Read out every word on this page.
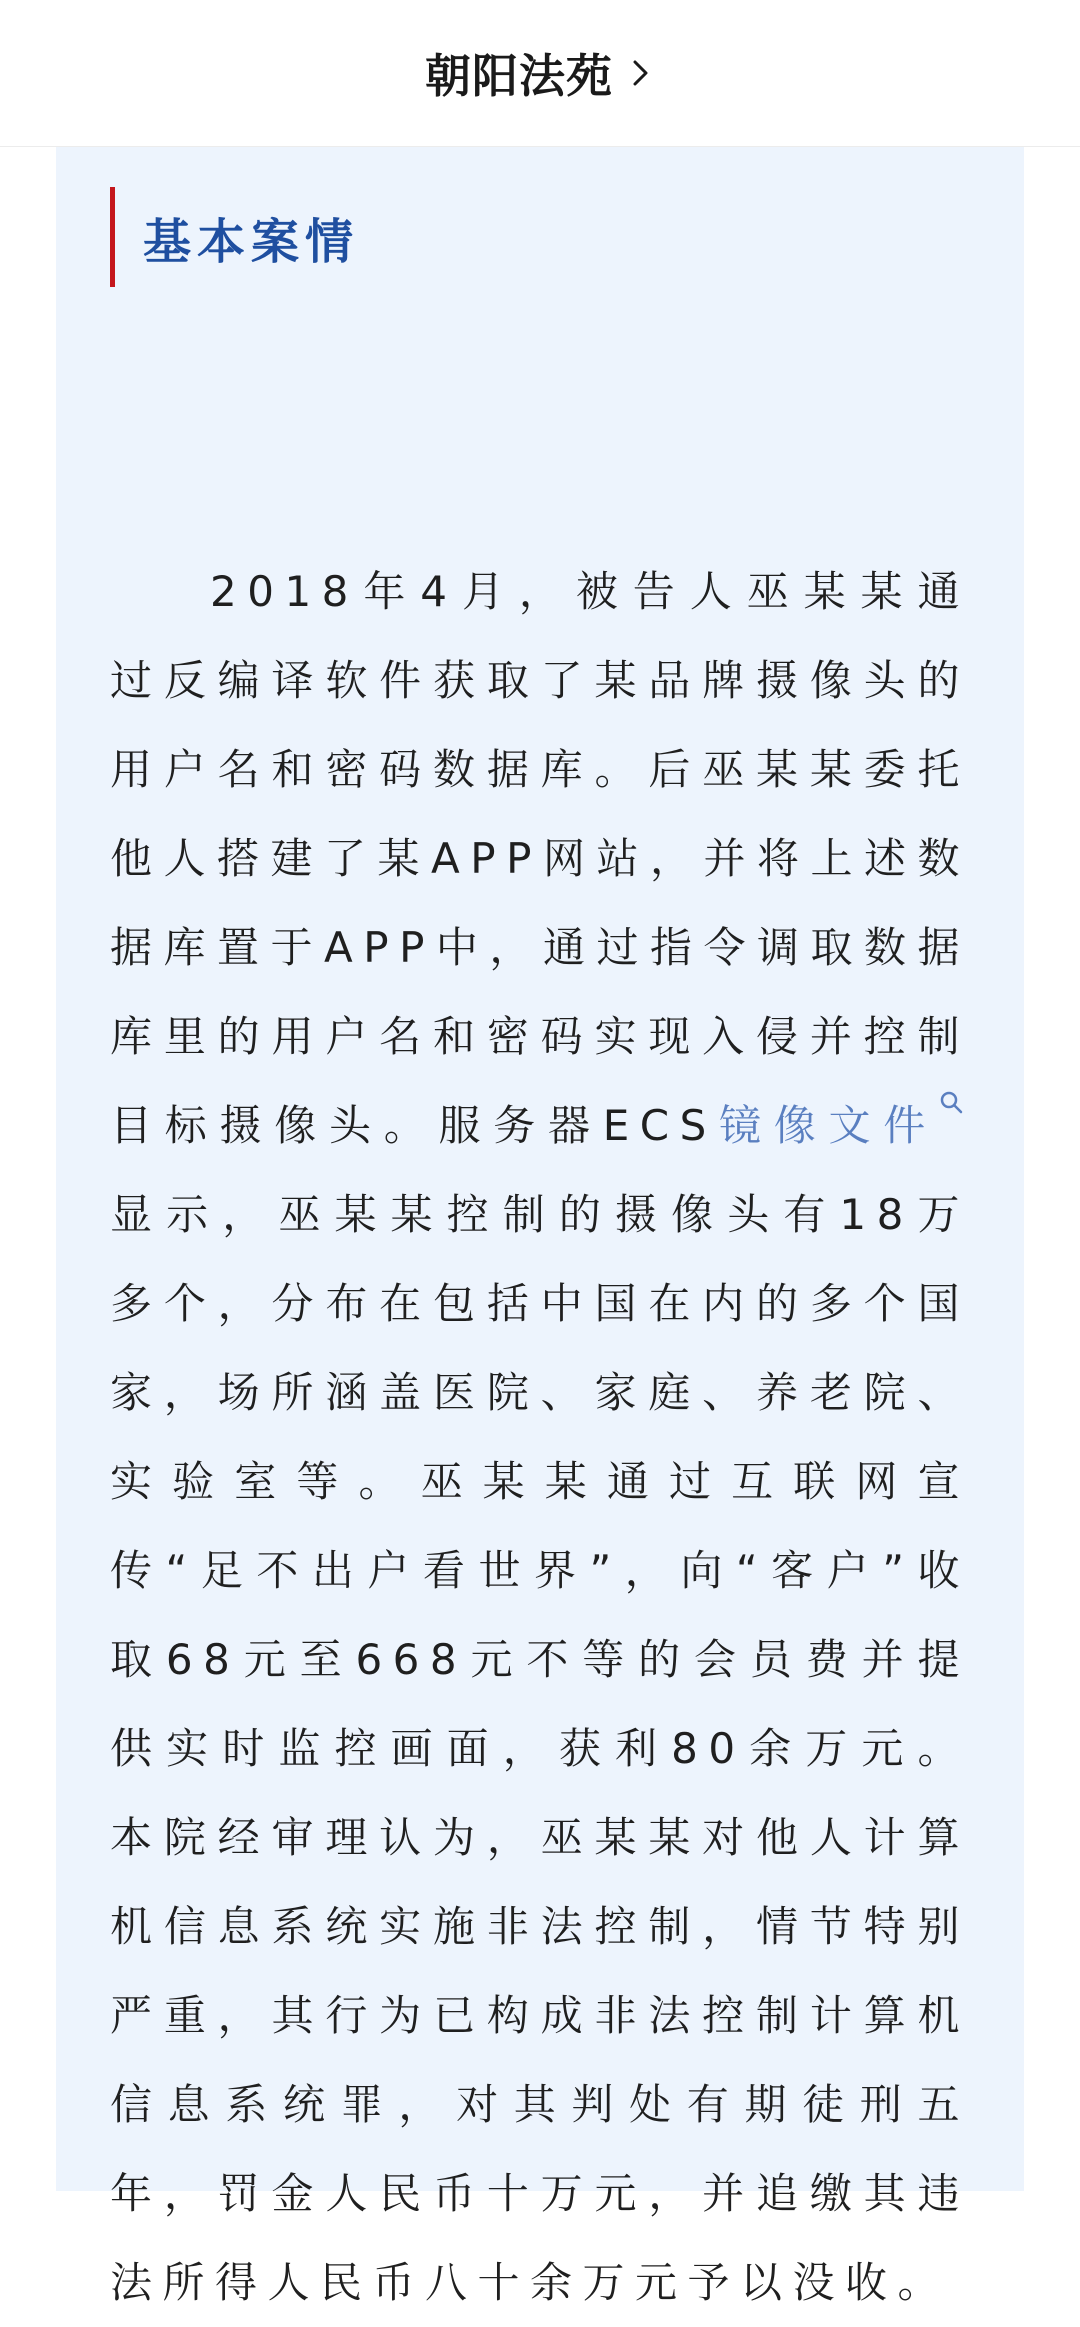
朝阳法苑
基本案情

2018年4月，被告人巫某某通过反编译软件获取了某品牌摄像头的用户名和密码数据库。后巫某某委托他人搭建了某APP网站，并将上述数据库置于APP中，通过指令调取数据库里的用户名和密码实现入侵并控制目标摄像头。服务器ECS镜像文件显示，巫某某控制的摄像头有18万多个，分布在包括中国在内的多个国家，场所涵盖医院、家庭、养老院、实验室等。巫某某通过互联网宣传“足不出户看世界”，向“客户”收取68元至668元不等的会员费并提供实时监控画面，获利80余万元。本院经审理认为，巫某某对他人计算机信息系统实施非法控制，情节特别严重，其行为已构成非法控制计算机信息系统罪，对其判处有期徒刑五年，罚金人民币十万元，并追缴其违法所得人民币八十余万元予以没收。
